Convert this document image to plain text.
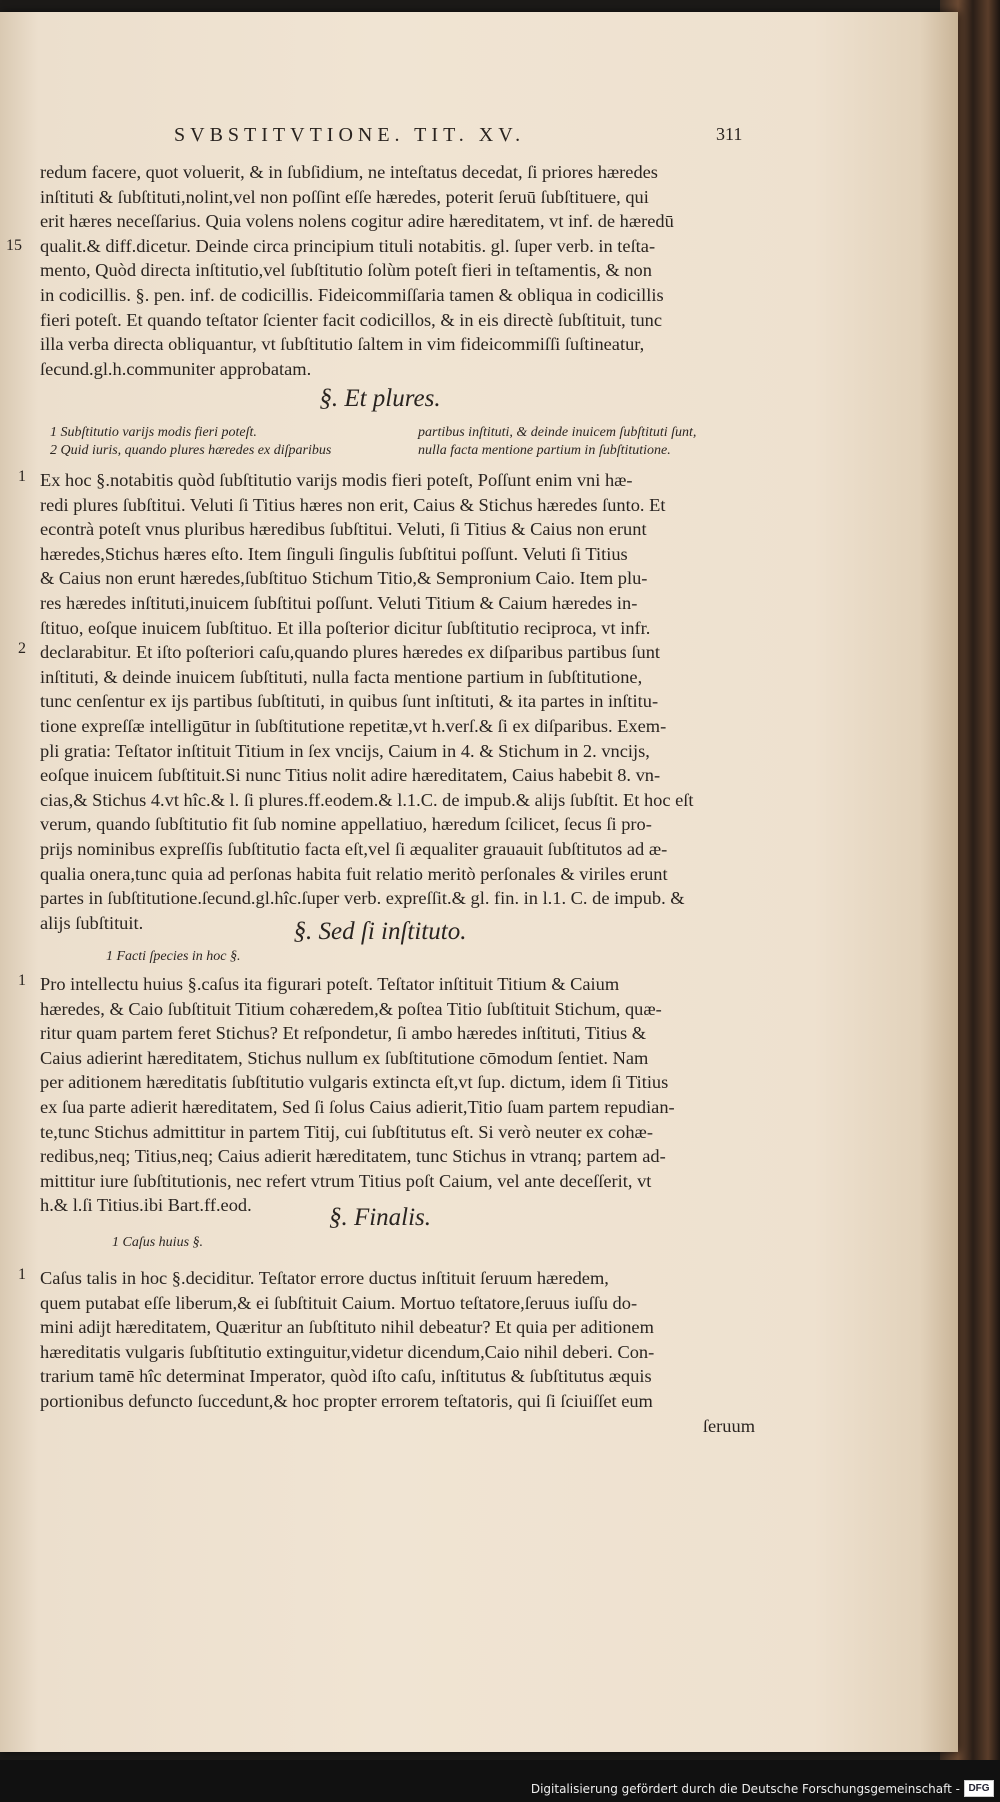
SVBSTITVTIONE. TIT. XV.	311
redum facere, quot voluerit, & in ſubſidium, ne inteſtatus decedat, ſi priores hæredes
inſtituti & ſubſtituti,nolint,vel non poſſint eſſe hæredes, poterit ſeruū ſubſtituere, qui
erit hæres neceſſarius. Quia volens nolens cogitur adire hæreditatem, vt inf. de hæredū
qualit.& diff.dicetur. Deinde circa principium tituli notabitis. gl. ſuper verb. in teſta-
mento, Quòd directa inſtitutio,vel ſubſtitutio ſolùm poteſt fieri in teſtamentis, & non
in codicillis. §. pen. inf. de codicillis. Fideicommiſſaria tamen & obliqua in codicillis
fieri poteſt. Et quando teſtator ſcienter facit codicillos, & in eis directè ſubſtituit, tunc
illa verba directa obliquantur, vt ſubſtitutio ſaltem in vim fideicommiſſi ſuſtineatur,
ſecund.gl.h.communiter approbatam.
15
§. Et plures.
1 Subſtitutio varijs modis fieri poteſt.
2 Quid iuris, quando plures hæredes ex diſparibus
partibus inſtituti, & deinde inuicem ſubſtituti ſunt,
nulla facta mentione partium in ſubſtitutione.
1
2
Ex hoc §.notabitis quòd ſubſtitutio varijs modis fieri poteſt, Poſſunt enim vni hæ-
redi plures ſubſtitui. Veluti ſi Titius hæres non erit, Caius & Stichus hæredes ſunto. Et
econtrà poteſt vnus pluribus hæredibus ſubſtitui. Veluti, ſi Titius & Caius non erunt
hæredes,Stichus hæres eſto. Item ſinguli ſingulis ſubſtitui poſſunt. Veluti ſi Titius
& Caius non erunt hæredes,ſubſtituo Stichum Titio,& Sempronium Caio. Item plu-
res hæredes inſtituti,inuicem ſubſtitui poſſunt. Veluti Titium & Caium hæredes in-
ſtituo, eoſque inuicem ſubſtituo. Et illa poſterior dicitur ſubſtitutio reciproca, vt infr.
declarabitur. Et iſto poſteriori caſu,quando plures hæredes ex diſparibus partibus ſunt
inſtituti, & deinde inuicem ſubſtituti, nulla facta mentione partium in ſubſtitutione,
tunc cenſentur ex ijs partibus ſubſtituti, in quibus ſunt inſtituti, & ita partes in inſtitu-
tione expreſſæ intelligūtur in ſubſtitutione repetitæ,vt h.verſ.& ſi ex diſparibus. Exem-
pli gratia: Teſtator inſtituit Titium in ſex vncijs, Caium in 4. & Stichum in 2. vncijs,
eoſque inuicem ſubſtituit.Si nunc Titius nolit adire hæreditatem, Caius habebit 8. vn-
cias,& Stichus 4.vt hîc.& l. ſi plures.ff.eodem.& l.1.C. de impub.& alijs ſubſtit. Et hoc eſt
verum, quando ſubſtitutio fit ſub nomine appellatiuo, hæredum ſcilicet, ſecus ſi pro-
prijs nominibus expreſſis ſubſtitutio facta eſt,vel ſi æqualiter grauauit ſubſtitutos ad æ-
qualia onera,tunc quia ad perſonas habita fuit relatio meritò perſonales & viriles erunt
partes in ſubſtitutione.ſecund.gl.hîc.ſuper verb. expreſſit.& gl. fin. in l.1. C. de impub. &
alijs ſubſtituit.	§. Sed ſi inſtituto.
1 Facti ſpecies in hoc §.
1 Pro intellectu huius §.caſus ita figurari poteſt. Teſtator inſtituit Titium & Caium
hæredes, & Caio ſubſtituit Titium cohæredem,& poſtea Titio ſubſtituit Stichum, quæ-
ritur quam partem feret Stichus? Et reſpondetur, ſi ambo hæredes inſtituti, Titius &
Caius adierint hæreditatem, Stichus nullum ex ſubſtitutione cōmodum ſentiet. Nam
per aditionem hæreditatis ſubſtitutio vulgaris extincta eſt,vt ſup. dictum, idem ſi Titius
ex ſua parte adierit hæreditatem, Sed ſi ſolus Caius adierit,Titio ſuam partem repudian-
te,tunc Stichus admittitur in partem Titij, cui ſubſtitutus eſt. Si verò neuter ex cohæ-
redibus,neq; Titius,neq; Caius adierit hæreditatem, tunc Stichus in vtranq; partem ad-
mittitur iure ſubſtitutionis, nec refert vtrum Titius poſt Caium, vel ante deceſſerit, vt
h.& l.ſi Titius.ibi Bart.ff.eod.	§. Finalis.
1 Caſus huius §.
1 Caſus talis in hoc §.deciditur. Teſtator errore ductus inſtituit ſeruum hæredem,
quem putabat eſſe liberum,& ei ſubſtituit Caium. Mortuo teſtatore,ſeruus iuſſu do-
mini adijt hæreditatem, Quæritur an ſubſtituto nihil debeatur? Et quia per aditionem
hæreditatis vulgaris ſubſtitutio extinguitur,videtur dicendum,Caio nihil deberi. Con-
trarium tamē hîc determinat Imperator, quòd iſto caſu, inſtitutus & ſubſtitutus æquis
portionibus defuncto ſuccedunt,& hoc propter errorem teſtatoris, qui ſi ſciuiſſet eum
ſeruum
Digitalisierung gefördert durch die Deutsche Forschungsgemeinschaft - DFG
